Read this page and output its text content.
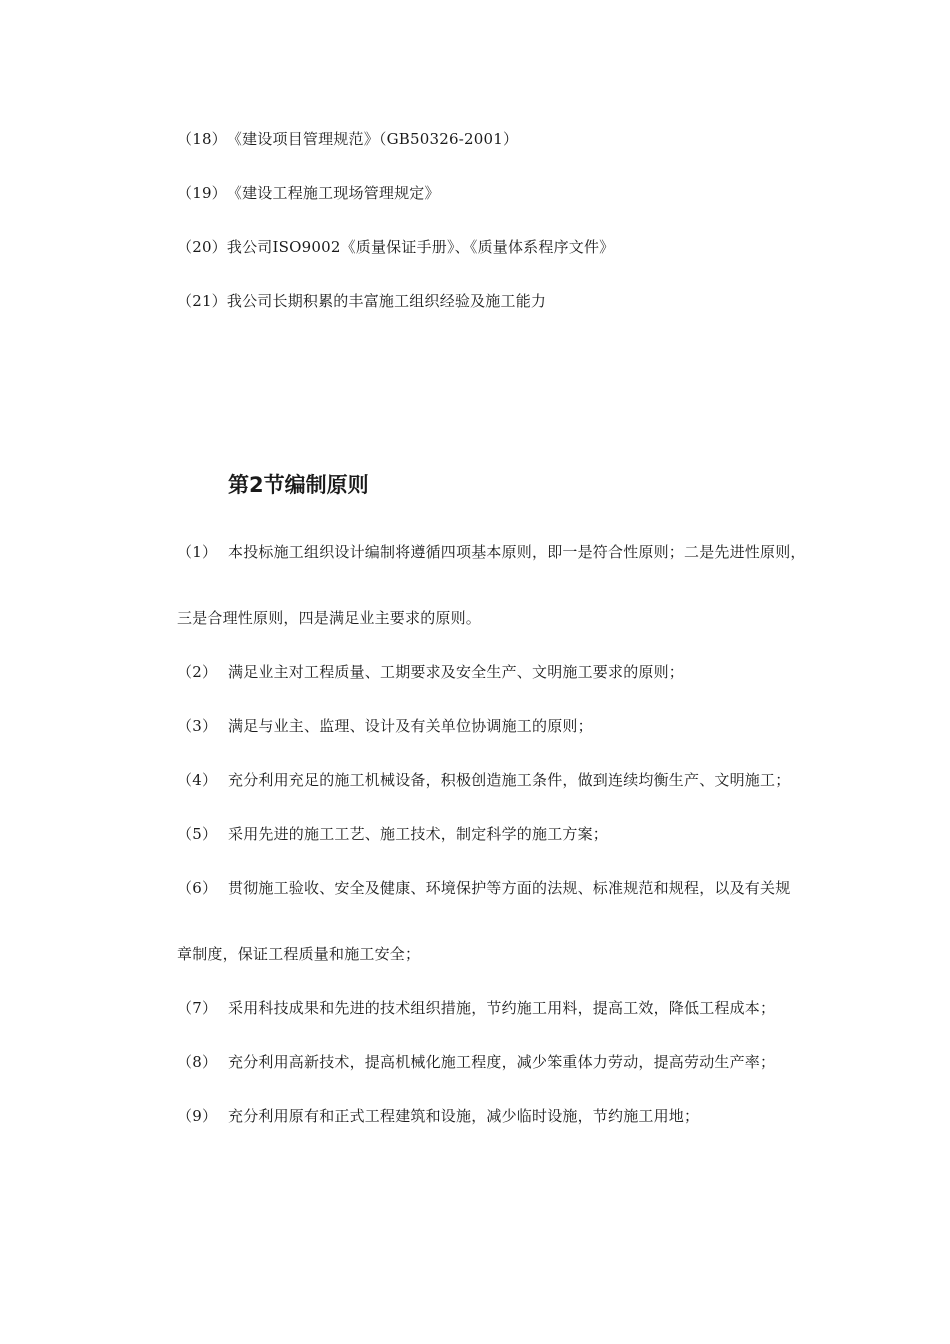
（18）《建设项目管理规范》（GB50326-2001）
（19）《建设工程施工现场管理规定》
（20）我公司ISO9002《质量保证手册》、《质量体系程序文件》
（21）我公司长期积累的丰富施工组织经验及施工能力
第2节编制原则
（1） 本投标施工组织设计编制将遵循四项基本原则，即一是符合性原则；二是先进性原则，
三是合理性原则，四是满足业主要求的原则。
（2） 满足业主对工程质量、工期要求及安全生产、文明施工要求的原则；
（3） 满足与业主、监理、设计及有关单位协调施工的原则；
（4） 充分利用充足的施工机械设备，积极创造施工条件，做到连续均衡生产、文明施工；
（5） 采用先进的施工工艺、施工技术，制定科学的施工方案；
（6） 贯彻施工验收、安全及健康、环境保护等方面的法规、标准规范和规程，以及有关规
章制度，保证工程质量和施工安全；
（7） 采用科技成果和先进的技术组织措施，节约施工用料，提高工效，降低工程成本；
（8） 充分利用高新技术，提高机械化施工程度，减少笨重体力劳动，提高劳动生产率；
（9） 充分利用原有和正式工程建筑和设施，减少临时设施，节约施工用地；
